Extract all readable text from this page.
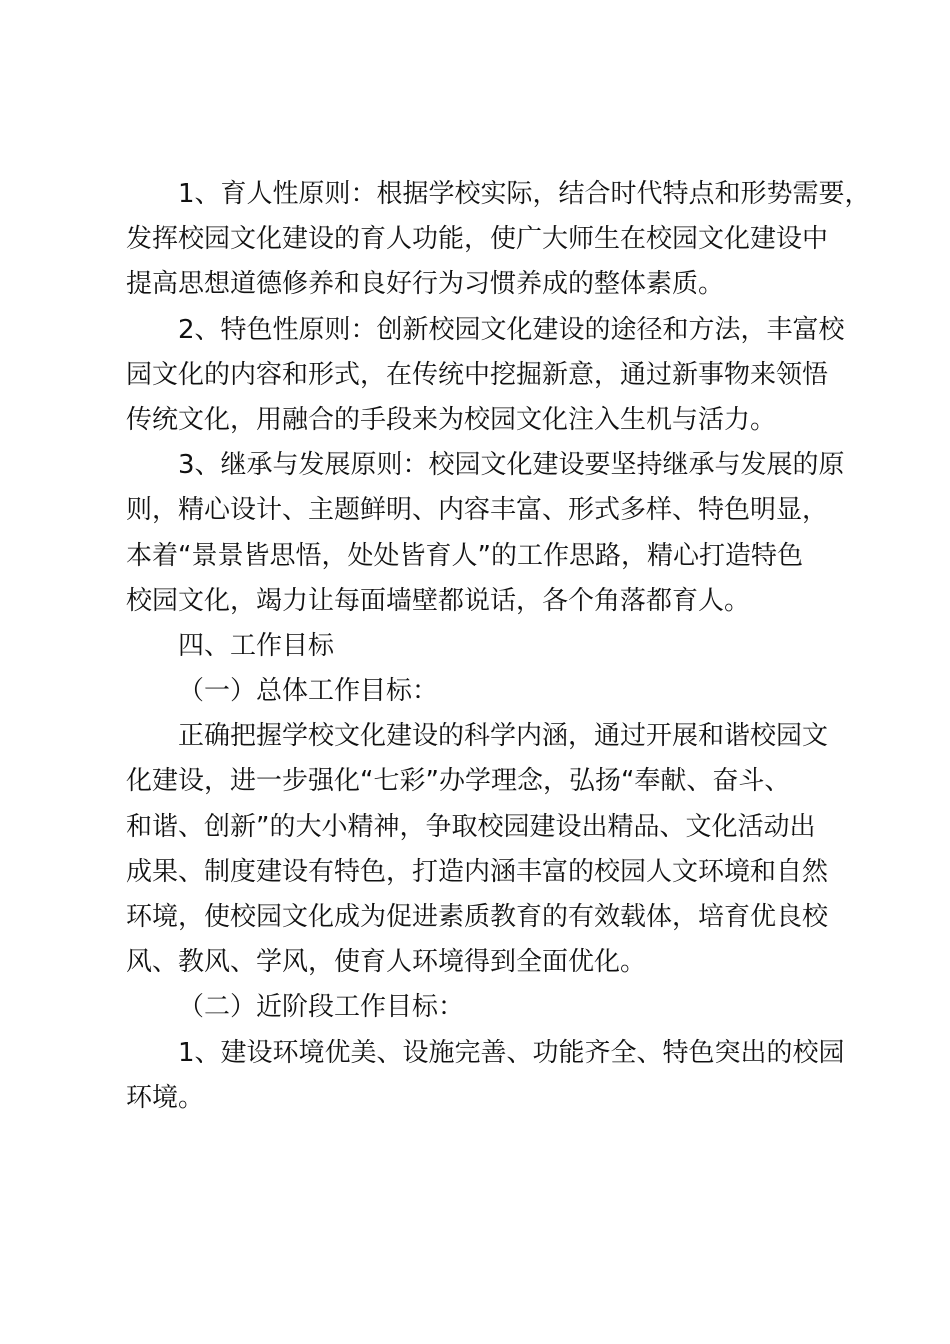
1、育人性原则：根据学校实际，结合时代特点和形势需要，
发挥校园文化建设的育人功能，使广大师生在校园文化建设中
提高思想道德修养和良好行为习惯养成的整体素质。
2、特色性原则：创新校园文化建设的途径和方法，丰富校
园文化的内容和形式，在传统中挖掘新意，通过新事物来领悟
传统文化，用融合的手段来为校园文化注入生机与活力。
3、继承与发展原则：校园文化建设要坚持继承与发展的原
则，精心设计、主题鲜明、内容丰富、形式多样、特色明显，
本着“景景皆思悟，处处皆育人”的工作思路，精心打造特色
校园文化，竭力让每面墙壁都说话，各个角落都育人。
四、工作目标
（一）总体工作目标：
正确把握学校文化建设的科学内涵，通过开展和谐校园文
化建设，进一步强化“七彩”办学理念，弘扬“奉献、奋斗、
和谐、创新”的大小精神，争取校园建设出精品、文化活动出
成果、制度建设有特色，打造内涵丰富的校园人文环境和自然
环境，使校园文化成为促进素质教育的有效载体，培育优良校
风、教风、学风，使育人环境得到全面优化。
（二）近阶段工作目标：
1、建设环境优美、设施完善、功能齐全、特色突出的校园
环境。
